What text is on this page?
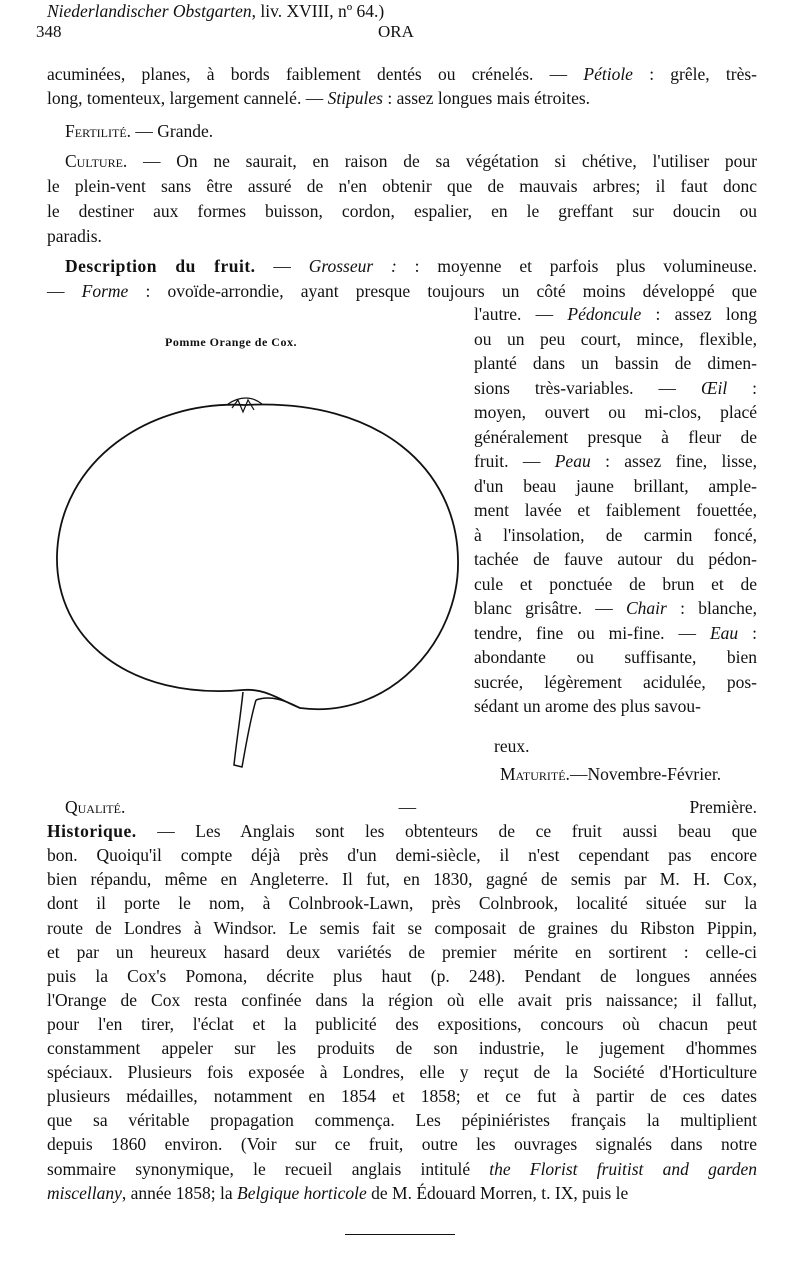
348	ORA
Pomme Orange de Cox.
acuminées, planes, à bords faiblement dentés ou crénelés. — Pétiole : grêle, très-
long, tomenteux, largement cannelé. — Stipules : assez longues mais étroites.
Fertilité. — Grande.
Culture. — On ne saurait, en raison de sa végétation si chétive, l'utiliser pour
le plein-vent sans être assuré de n'en obtenir que de mauvais arbres; il faut donc
le destiner aux formes buisson, cordon, espalier, en le greffant sur doucin ou
paradis.
Description du fruit. — Grosseur : : moyenne et parfois plus volumineuse.
— Forme : ovoïde-arrondie, ayant presque toujours un côté moins développé que
l'autre. — Pédoncule : assez long
ou un peu court, mince, flexible,
planté dans un bassin de dimen-
sions très-variables. — Œil :
moyen, ouvert ou mi-clos, placé
généralement presque à fleur de
fruit. — Peau : assez fine, lisse,
d'un beau jaune brillant, ample-
ment lavée et faiblement fouettée,
à l'insolation, de carmin foncé,
tachée de fauve autour du pédon-
cule et ponctuée de brun et de
blanc grisâtre. — Chair : blanche,
tendre, fine ou mi-fine. — Eau :
abondante ou suffisante, bien
sucrée, légèrement acidulée, pos-
sédant un arome des plus savou-
reux.
Maturité.—Novembre-Février.
Qualité. — Première.
Historique. — Les Anglais sont les obtenteurs de ce fruit aussi beau que
bon. Quoiqu'il compte déjà près d'un demi-siècle, il n'est cependant pas encore
bien répandu, même en Angleterre. Il fut, en 1830, gagné de semis par M. H. Cox,
dont il porte le nom, à Colnbrook-Lawn, près Colnbrook, localité située sur la
route de Londres à Windsor. Le semis fait se composait de graines du Ribston Pippin,
et par un heureux hasard deux variétés de premier mérite en sortirent : celle-ci
puis la Cox's Pomona, décrite plus haut (p. 248). Pendant de longues années
l'Orange de Cox resta confinée dans la région où elle avait pris naissance; il fallut,
pour l'en tirer, l'éclat et la publicité des expositions, concours où chacun peut
constamment appeler sur les produits de son industrie, le jugement d'hommes
spéciaux. Plusieurs fois exposée à Londres, elle y reçut de la Société d'Horticulture
plusieurs médailles, notamment en 1854 et 1858; et ce fut à partir de ces dates
que sa véritable propagation commença. Les pépiniéristes français la multiplient
depuis 1860 environ. (Voir sur ce fruit, outre les ouvrages signalés dans notre
sommaire synonymique, le recueil anglais intitulé the Florist fruitist and garden
miscellany, année 1858; la Belgique horticole de M. Édouard Morren, t. IX, puis le
Niederlandischer Obstgarten, liv. XVIII, nº 64.)
